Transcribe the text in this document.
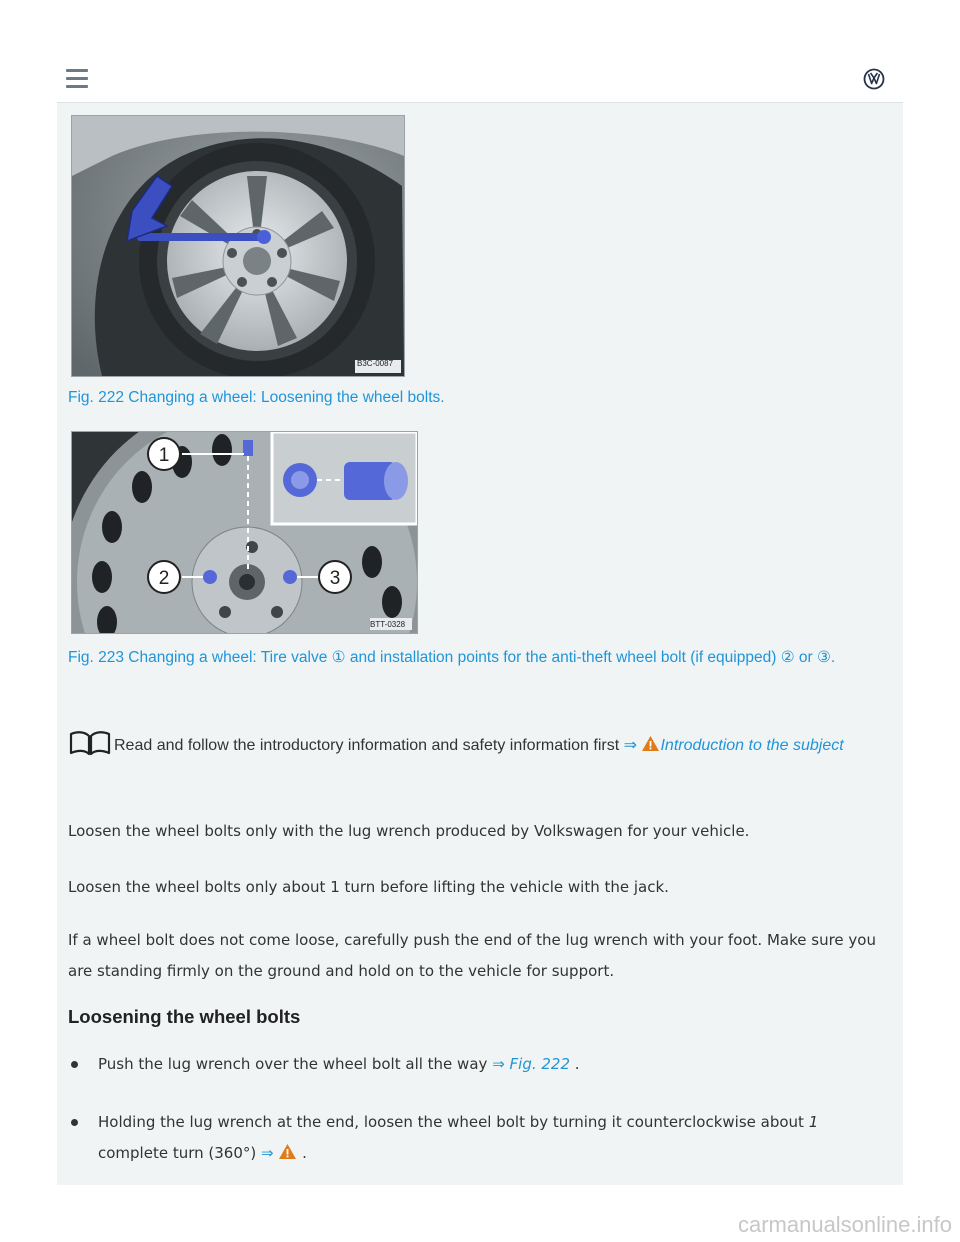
B3C-0087
Fig. 222 Changing a wheel: Loosening the wheel bolts.
1
2	3
BTT-0328
Fig. 223 Changing a wheel: Tire valve ① and installation points for the anti-theft wheel bolt (if equipped) ② or ③.
Read and follow the introductory information and safety information first ⇒ Introduction to the subject
Loosen the wheel bolts only with the lug wrench produced by Volkswagen for your vehicle.
Loosen the wheel bolts only about 1 turn before lifting the vehicle with the jack.
If a wheel bolt does not come loose, carefully push the end of the lug wrench with your foot. Make sure you are standing firmly on the ground and hold on to the vehicle for support.
Loosening the wheel bolts
Push the lug wrench over the wheel bolt all the way ⇒ Fig. 222 .
Holding the lug wrench at the end, loosen the wheel bolt by turning it counterclockwise about 1
complete turn (360°) ⇒ .
carmanualsonline.info
